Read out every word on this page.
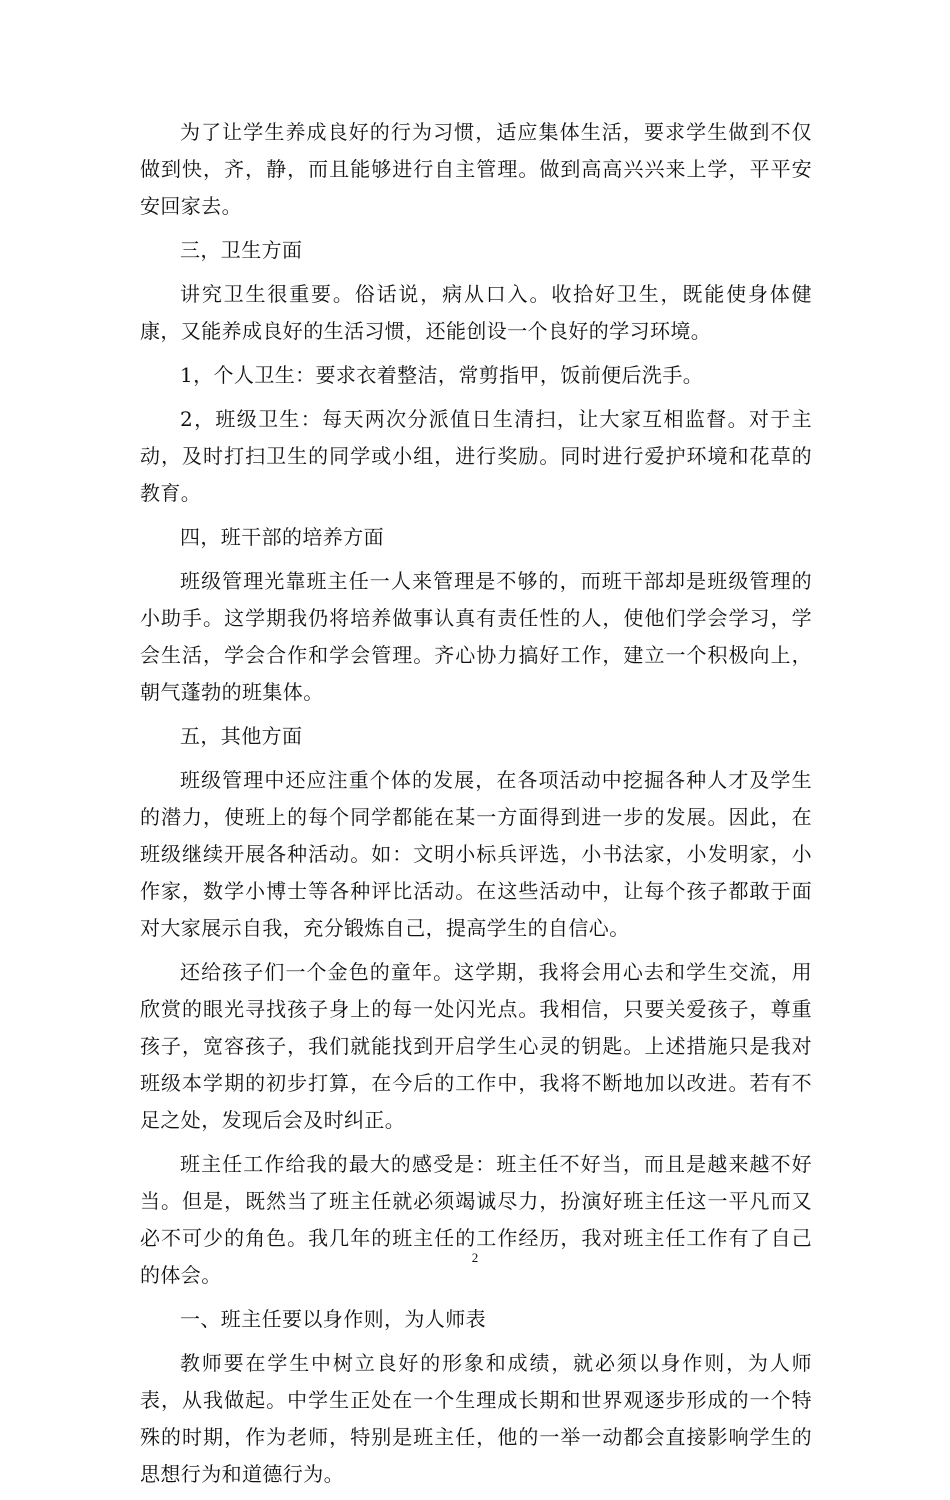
为了让学生养成良好的行为习惯，适应集体生活，要求学生做到不仅做到快，齐，静，而且能够进行自主管理。做到高高兴兴来上学，平平安安回家去。

三，卫生方面

讲究卫生很重要。俗话说，病从口入。收拾好卫生，既能使身体健康，又能养成良好的生活习惯，还能创设一个良好的学习环境。

1，个人卫生：要求衣着整洁，常剪指甲，饭前便后洗手。

2，班级卫生：每天两次分派值日生清扫，让大家互相监督。对于主动，及时打扫卫生的同学或小组，进行奖励。同时进行爱护环境和花草的教育。

四，班干部的培养方面

班级管理光靠班主任一人来管理是不够的，而班干部却是班级管理的小助手。这学期我仍将培养做事认真有责任性的人，使他们学会学习，学会生活，学会合作和学会管理。齐心协力搞好工作，建立一个积极向上，朝气蓬勃的班集体。

五，其他方面

班级管理中还应注重个体的发展，在各项活动中挖掘各种人才及学生的潜力，使班上的每个同学都能在某一方面得到进一步的发展。因此，在班级继续开展各种活动。如：文明小标兵评选，小书法家，小发明家，小作家，数学小博士等各种评比活动。在这些活动中，让每个孩子都敢于面对大家展示自我，充分锻炼自己，提高学生的自信心。

还给孩子们一个金色的童年。这学期，我将会用心去和学生交流，用欣赏的眼光寻找孩子身上的每一处闪光点。我相信，只要关爱孩子，尊重孩子，宽容孩子，我们就能找到开启学生心灵的钥匙。上述措施只是我对班级本学期的初步打算，在今后的工作中，我将不断地加以改进。若有不足之处，发现后会及时纠正。

班主任工作给我的最大的感受是：班主任不好当，而且是越来越不好当。但是，既然当了班主任就必须竭诚尽力，扮演好班主任这一平凡而又必不可少的角色。我几年的班主任的工作经历，我对班主任工作有了自己的体会。

一、班主任要以身作则，为人师表

教师要在学生中树立良好的形象和成绩，就必须以身作则，为人师表，从我做起。中学生正处在一个生理成长期和世界观逐步形成的一个特殊的时期，作为老师，特别是班主任，他的一举一动都会直接影响学生的思想行为和道德行为。

2
